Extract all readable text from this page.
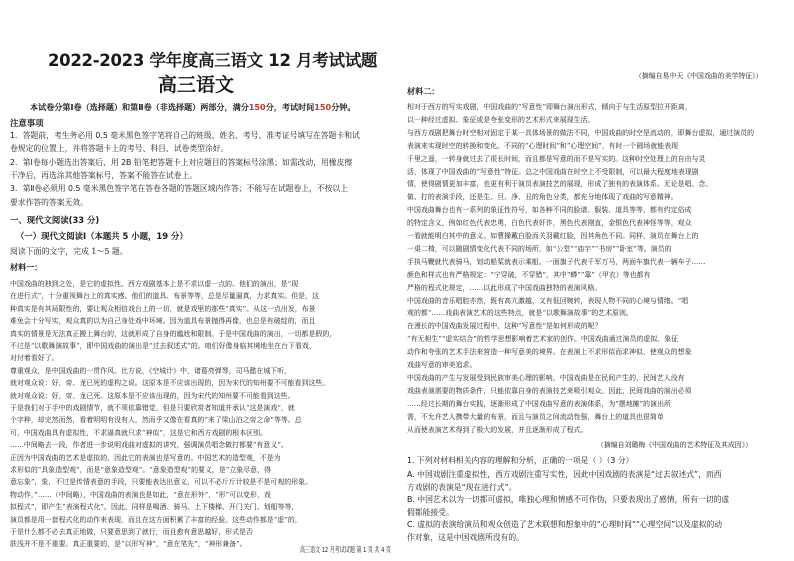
2022-2023 学年度高三语文 12 月考试试题
高三语文
本试卷分第Ⅰ卷（选择题）和第Ⅱ卷（非选择题）两部分，满分150分，考试时间150分钟。
注意事项
1．答题前，考生务必用 0.5 毫米黑色签字笔将自己的班级、姓名、考号、准考证号填写在答题卡和试
卷规定的位置上，并将答题卡上的考号、科目、试卷类型涂好。
2．第Ⅰ卷每小题选出答案后，用 2B 铅笔把答题卡上对应题目的答案标号涂黑；如需改动，用橡皮擦
干净后，再选涂其他答案标号，答案不能答在试卷上。
3．第Ⅱ卷必须用 0.5 毫米黑色签字笔在答卷各题的答题区域内作答；不能写在试题卷上，不按以上
要求作答的答案无效。
一、现代文阅读(33 分)
（一）现代文阅读Ⅰ（本题共 5 小题，19 分）
阅读下面的文字，完成 1～5 题。
材料一：
中国戏曲的独到之处，是它的虚拟性。西方戏剧基本上是不求以虚一点的。他们的演出，是“现
在进行式”，十分重视舞台上的真实感。他们的道具、布景等等，总是尽量逼真，力求真实。但是，这
种真实是有其局限性的，要让观众相信戏台上的一切，就是戏里的那些“真实”。从这一点出发，布景
难免会十分写实，观众真的以为自己身处戏中环境。因为道具布景抛得再像，也总是有破绽的，而且
真实的情景是无法真正搬上舞台的，这就形成了自身的尴尬和限制。于是中国戏曲的演出，一切都是假的，
不过是“以歌舞演故事”，即中国戏曲的演出是“过去叙述式”的。咱们好像身临其境地坐在台下看戏，
对付着看好了。
尊重观众，是中国戏曲的一贯作风。比方说，《空城计》中，诸葛亮弹琴，司马懿在城下听，
就对观众说：好，帝、龙已死的虚构之说。这原本是不应该出现的，因为宋代的知州要不可能看到这些。
就对观众说：好，帝、龙已死。这原本是不应该出现的，因为宋代的知州要不可能看到这些。
于是我们对于手中的戏剧情节，就不须依靠错觉，但是只要欣赏者知道并承认“这是演戏”，就
个字种，却完然而然，看着明明有没有人，然而乎又像在看真的“来了梁山泊之帝之命”等等。总
可，中国戏曲具有虚拟性，不求逼真就只求“神似”，这是它和西方戏剧的根本区别。
……中间略去一段，作者进一步说明戏曲对虚拟的讲究，强调演员唱念做打都要“有意义”。
正因为中国戏曲的艺术是虚拟的，因此它的表演也是写意的。中国艺术的造型观，不是为
求形似的“具象造型观”，而是“意象造型观”。“意象造型观”的要义，是“立象尽意，得
意忘象”，象，不过是传情表意的手段，只要能表达出意义，可以不必斤斤计较是不是可观的形象。
物动作，”……（中间略），中国戏曲的表演也是如此，“意在形外”，“形”可以变形，戏
拟程式”，即产生“表演程式化”。因此，同样是喝酒、骑马、上下楼梯、开门关门、划船等等，
演员都是用一套程式化的动作来表现，而且在这方面积累了丰富的经验。这些动作都是“虚”的，
于是什么都不必去真正地做，只要意思到了就行，而且愈有意思越好，形式是否
肤浅并不是不重要。真正重要的，是“以形写神”，“意在笔先”，“神形兼备”。
高三语文 12 月考试试题 第 1 页 共 4 页
（摘编自易中天《中国戏曲的美学特征》）
材料二：
相对于西方的写实戏剧，中国戏曲的“写意性”即舞台演出形式，倾向于与生活原型拉开距离，
以一种经过虚拟、象征或是夸张变形的艺术形式来展现生活。
与西方戏剧把舞台时空相对固定于某一具体场景的做法不同，中国戏曲的时空是流动的，即舞台虚拟，通过演员的
表演来实现时空的转换和变化。不同的“心理时间”和“心理空间”，有时一个圆场就能表现
千里之遥，一转身就过去了很长时间，而且都是写意的而不是写实的。这种时空处理上的自由与灵
活，体现了中国戏曲的“写意性”特征。总之中国戏曲在时空上不受限制，可以最大程度地表现剧
情，使得剧情更加丰富，也更有利于演员表演技艺的展现，形成了独有的表演体系。无论是唱、念、
做、打的表演手段，还是生、旦、净、丑的角色分类，都充分地体现了戏曲的写意精神。
中国戏曲舞台也有一系列的象征性符号，如各种不同的脸谱、服装、道具等等，都有约定俗成
的特定含义，例如红色代表忠勇，白色代表奸诈，黑色代表刚直，金银色代表神怪等等，观众
一看就能明白其中的意义。如曹操戴白脸而关羽戴红脸，因其角色不同。同样，演员在舞台上的
一桌二椅，可以随剧情变化代表不同的场所，如“公堂”“庙宇”“书房”“卧室”等。演员的
手执马鞭就代表骑马，划动船桨就表示乘船。一面旗子代表千军万马，两面车旗代表一辆车子……
颜色和样式也有严格规定：“宁穿破，不穿错”，其中“蟒”“靠”（甲衣）等也都有
严格的程式化规定，……以此形成了中国戏曲独特的表演风格。
中国戏曲的音乐唱腔亦然，既有高亢激越，又有低回婉转，表现人物不同的心境与情绪。“唱
观的都“……戏曲表演艺术的这些特点，就是“以歌舞演故事”的艺术原则。
在漫长的中国戏曲发展过程中，这种“写意性”是如何形成的呢？
“有无相生”“虚实结合”的哲学思想影响着艺术家的创作。中国戏曲通过演员的虚拟、象征
动作和夸张的艺术手法来营造一种写意美的境界。在表演上不求形似而求神似，使观众的想象
戏曲写意的审美追求。
中国戏曲的产生与发展受到民族审美心理的影响，中国戏曲是在民间产生的，民间艺人没有
戏曲表演需要的物质条件，只能依靠自身的表演技艺来吸引观众。因此，民间戏曲的演出必须
……经过长期的舞台实践，逐渐形成了中国戏曲写意的表演体系，为“摆地摊”的演出所
需，不允许艺人携带大量的布景，而且与演员之间流动性强，舞台上的道具也很简单
从而使表演艺术得到了极大的发展，并且逐渐形成了程式。
（摘编自刘璐梅《中国戏曲的艺术特征及其成因》）
1. 下列对材料相关内容的理解和分析，正确的一项是（ ）（3 分）
A. 中国戏剧注重虚拟性，西方戏剧注重写实性，因此中国戏剧的表演是“过去叙述式”，而西
方戏剧的表演是“现在进行式”。
B. 中国艺术以为一切都可虚拟，唯独心理和情感不可作伪，只要表现出了感情，所有一切的虚
假都能接受。
C. 虚拟的表演给演员和观众创造了艺术联想和想象中的“心理时间”“心理空间”以及虚拟的动
作对象，这是中国戏剧所没有的。
